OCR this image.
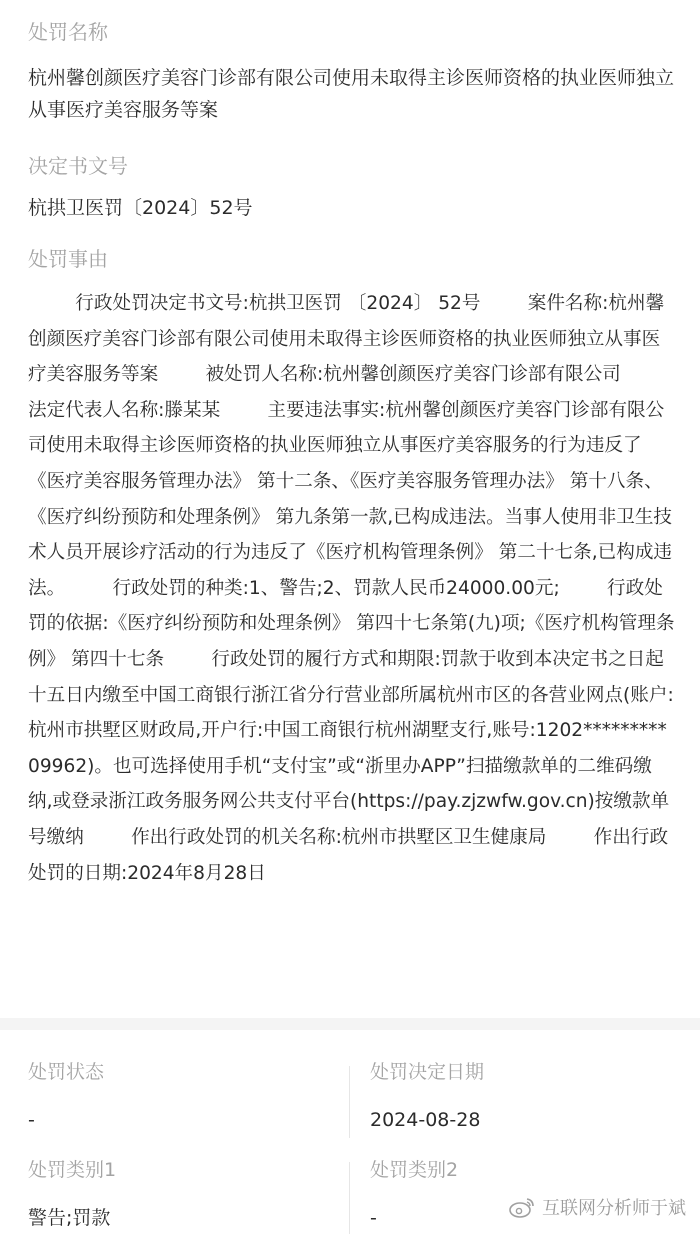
处罚名称
杭州馨创颜医疗美容门诊部有限公司使用未取得主诊医师资格的执业医师独立从事医疗美容服务等案
决定书文号
杭拱卫医罚〔2024〕52号
处罚事由
行政处罚决定书文号:杭拱卫医罚 〔2024〕 52号        案件名称:杭州馨创颜医疗美容门诊部有限公司使用未取得主诊医师资格的执业医师独立从事医疗美容服务等案        被处罚人名称:杭州馨创颜医疗美容门诊部有限公司        法定代表人名称:滕某某        主要违法事实:杭州馨创颜医疗美容门诊部有限公司使用未取得主诊医师资格的执业医师独立从事医疗美容服务的行为违反了《医疗美容服务管理办法》 第十二条、《医疗美容服务管理办法》 第十八条、《医疗纠纷预防和处理条例》 第九条第一款,已构成违法。当事人使用非卫生技术人员开展诊疗活动的行为违反了《医疗机构管理条例》 第二十七条,已构成违法。        行政处罚的种类:1、警告;2、罚款人民币24000.00元;        行政处罚的依据:《医疗纠纷预防和处理条例》 第四十七条第(九)项;《医疗机构管理条例》 第四十七条        行政处罚的履行方式和期限:罚款于收到本决定书之日起十五日内缴至中国工商银行浙江省分行营业部所属杭州市区的各营业网点(账户:杭州市拱墅区财政局,开户行:中国工商银行杭州湖墅支行,账号:1202*********09962)。也可选择使用手机“支付宝”或“浙里办APP”扫描缴款单的二维码缴纳,或登录浙江政务服务网公共支付平台(https://pay.zjzwfw.gov.cn)按缴款单号缴纳        作出行政处罚的机关名称:杭州市拱墅区卫生健康局        作出行政处罚的日期:2024年8月28日
处罚状态
-
处罚决定日期
2024-08-28
处罚类别1
警告;罚款
处罚类别2
-	互联网分析师于斌
